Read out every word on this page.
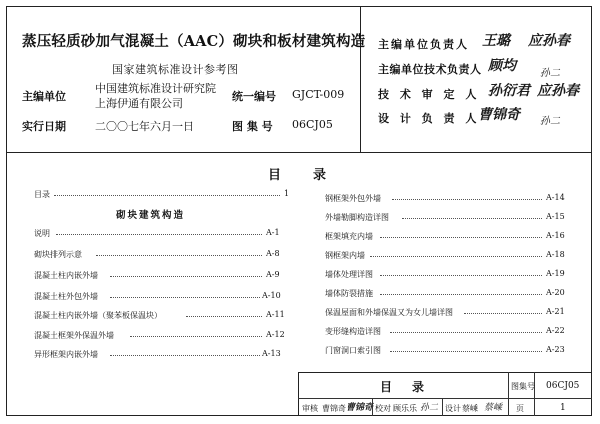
蒸压轻质砂加气混凝土（AAC）砌块和板材建筑构造
国家建筑标准设计参考图
主编单位
中国建筑标准设计研究院
上海伊通有限公司
统一编号 GJCT-009
实行日期	二〇〇七年六月一日	图 集 号 06CJ05
主编单位负责人 王璐 应孙春
主编单位技术负责人 顾均 孙二
技 术 审 定 人 孙衍君 应孙春
设 计 负 责 人
曹锦奇 孙二
目　　录
目录	1
砌块建筑构造
说明	A-1
砌块排列示意	A-8
混凝土柱内嵌外墙	A-9
混凝土柱外包外墙	A-10
混凝土柱内嵌外墙（聚苯板保温块）	A-11
混凝土框架外保温外墙	A-12
异形框架内嵌外墙	A-13
钢框架外包外墙	A-14
外墙勒脚构造详图	A-15
框架填充内墙	A-16
钢框架内墙	A-18
墙体处理详图	A-19
墙体防裂措施	A-20
保温屋面和外墙保温又为女儿墙详图	A-21
变形缝构造详图	A-22
门窗洞口索引图	A-23
目　录	图集号 06CJ05
审核 曹锦奇 曹锦奇 校对 顾乐乐 孙二 设计 蔡嵊 蔡嵊 页	1
